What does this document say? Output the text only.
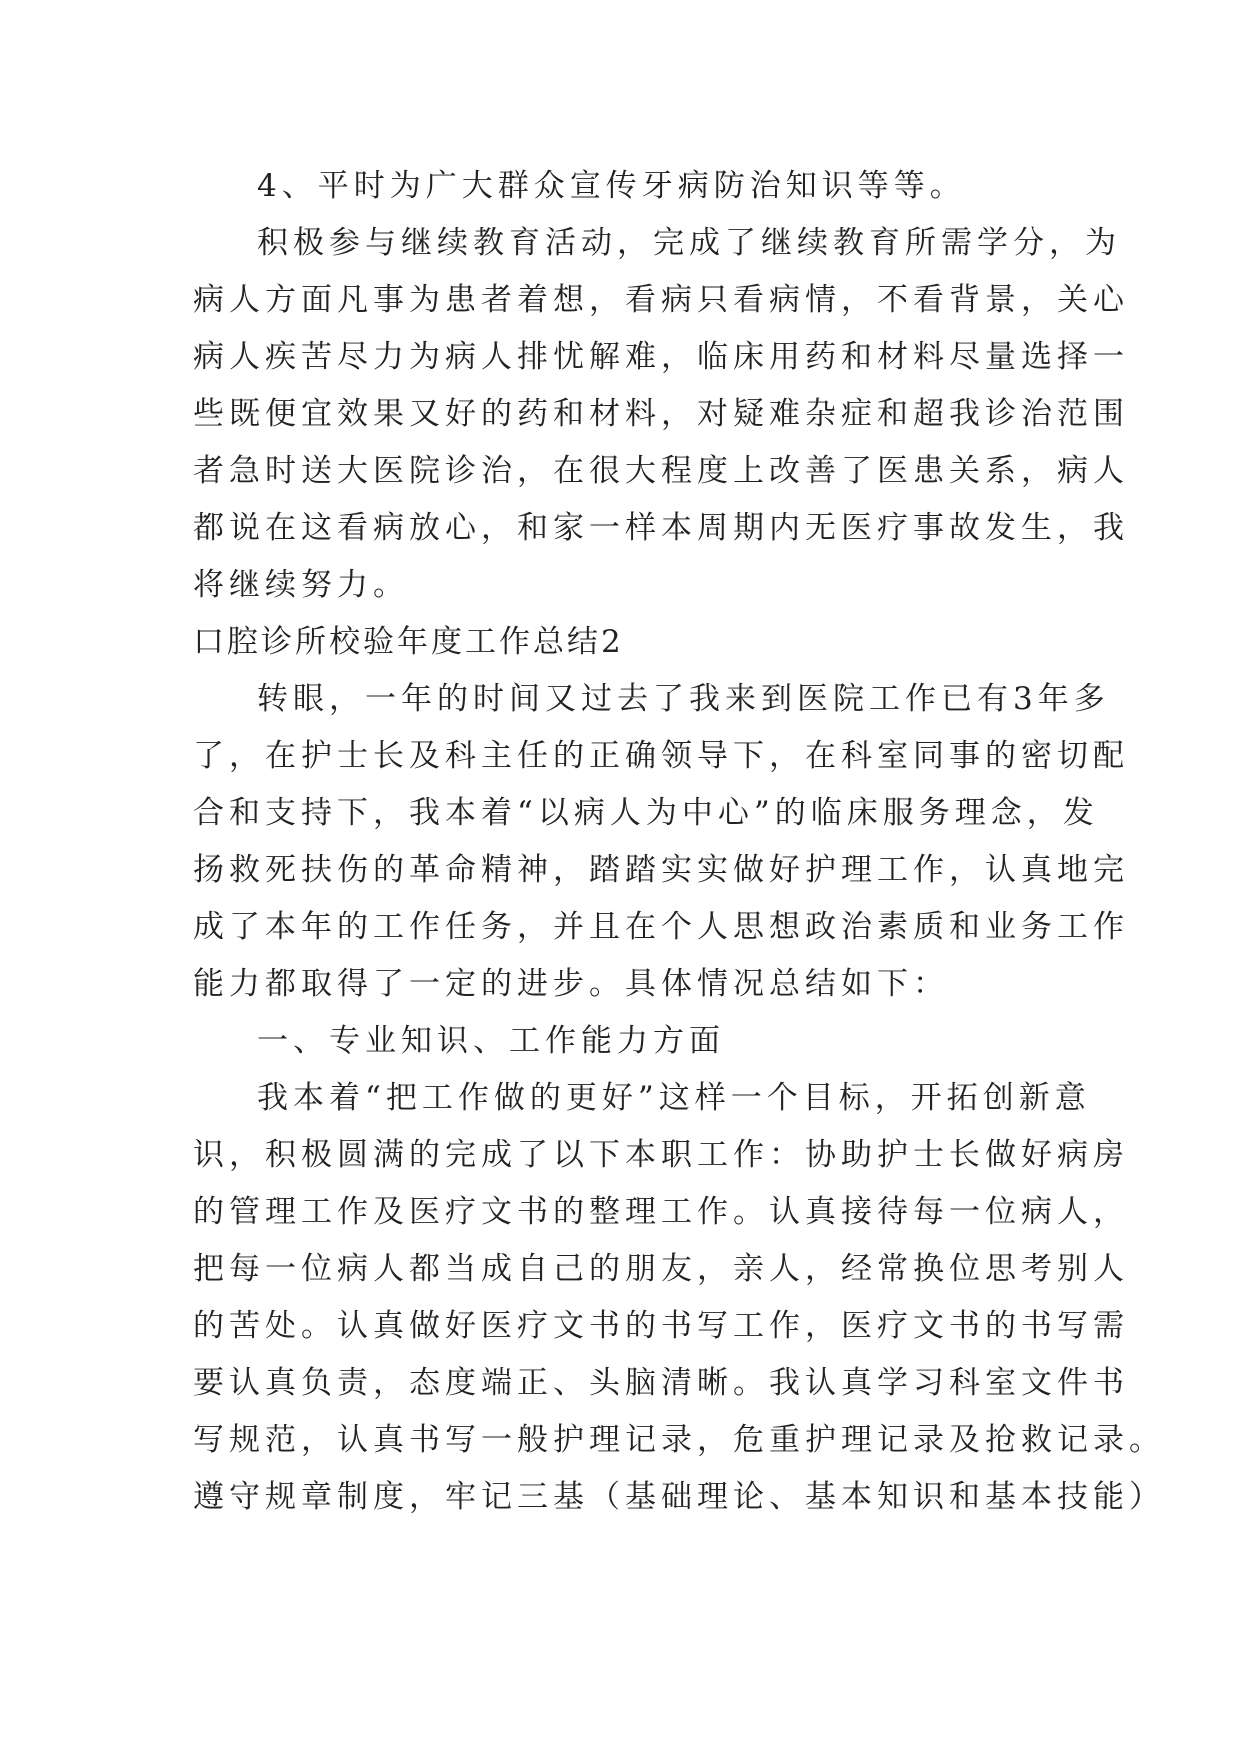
4、平时为广大群众宣传牙病防治知识等等。
积极参与继续教育活动，完成了继续教育所需学分，为
病人方面凡事为患者着想，看病只看病情，不看背景，关心
病人疾苦尽力为病人排忧解难，临床用药和材料尽量选择一
些既便宜效果又好的药和材料，对疑难杂症和超我诊治范围
者急时送大医院诊治，在很大程度上改善了医患关系，病人
都说在这看病放心，和家一样本周期内无医疗事故发生，我
将继续努力。
口腔诊所校验年度工作总结2
转眼，一年的时间又过去了我来到医院工作已有3年多
了，在护士长及科主任的正确领导下，在科室同事的密切配
合和支持下，我本着“以病人为中心”的临床服务理念，发
扬救死扶伤的革命精神，踏踏实实做好护理工作，认真地完
成了本年的工作任务，并且在个人思想政治素质和业务工作
能力都取得了一定的进步。具体情况总结如下：
一、专业知识、工作能力方面
我本着“把工作做的更好”这样一个目标，开拓创新意
识，积极圆满的完成了以下本职工作：协助护士长做好病房
的管理工作及医疗文书的整理工作。认真接待每一位病人，
把每一位病人都当成自己的朋友，亲人，经常换位思考别人
的苦处。认真做好医疗文书的书写工作，医疗文书的书写需
要认真负责，态度端正、头脑清晰。我认真学习科室文件书
写规范，认真书写一般护理记录，危重护理记录及抢救记录。
遵守规章制度，牢记三基（基础理论、基本知识和基本技能）
